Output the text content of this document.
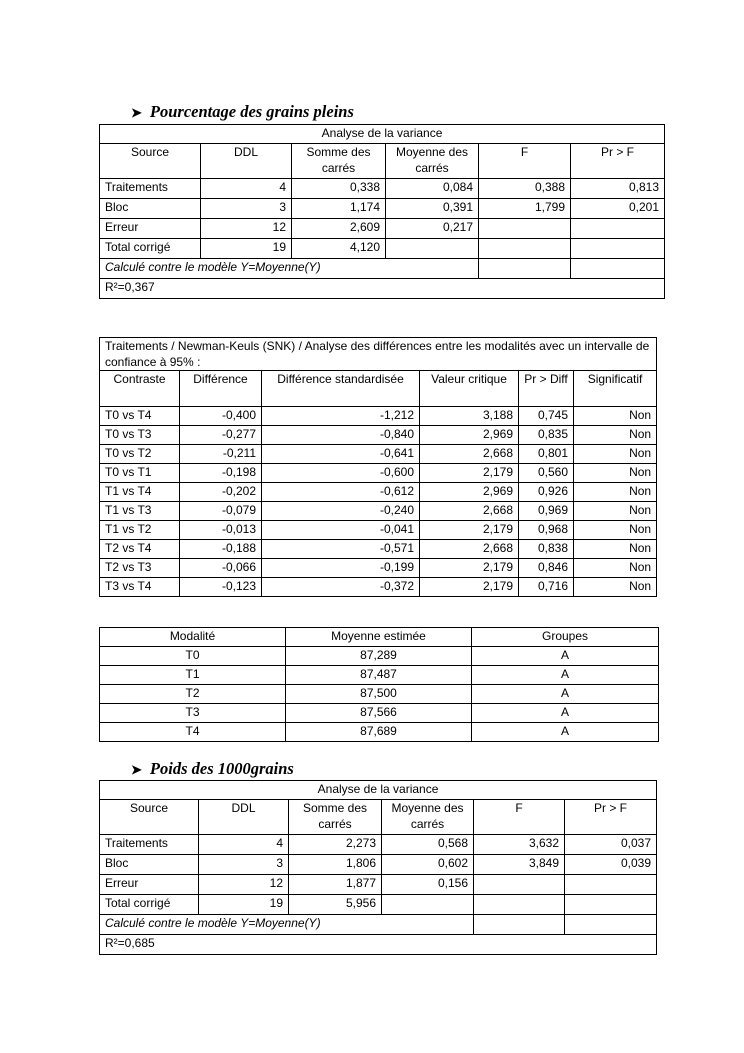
➤ Pourcentage des grains pleins
Analyse de la variance					
Source	DDL	Somme des carrés	Moyenne des carrés	F	Pr > F
Traitements	4	0,338	0,084	0,388	0,813
Bloc	3	1,174	0,391	1,799	0,201
Erreur	12	2,609	0,217		
Total corrigé	19	4,120			
Calculé contre le modèle Y=Moyenne(Y)					
R²=0,367					
Traitements / Newman-Keuls (SNK) / Analyse des différences entre les modalités avec un intervalle de confiance à 95% :					
Contraste	Différence	Différence standardisée	Valeur critique	Pr > Diff	Significatif
T0 vs T4	-0,400	-1,212	3,188	0,745	Non
T0 vs T3	-0,277	-0,840	2,969	0,835	Non
T0 vs T2	-0,211	-0,641	2,668	0,801	Non
T0 vs T1	-0,198	-0,600	2,179	0,560	Non
T1 vs T4	-0,202	-0,612	2,969	0,926	Non
T1 vs T3	-0,079	-0,240	2,668	0,969	Non
T1 vs T2	-0,013	-0,041	2,179	0,968	Non
T2 vs T4	-0,188	-0,571	2,668	0,838	Non
T2 vs T3	-0,066	-0,199	2,179	0,846	Non
T3 vs T4	-0,123	-0,372	2,179	0,716	Non
Modalité	Moyenne estimée	Groupes
T0	87,289	A
T1	87,487	A
T2	87,500	A
T3	87,566	A
T4	87,689	A
➤ Poids des 1000grains
Analyse de la variance					
Source	DDL	Somme des carrés	Moyenne des carrés	F	Pr > F
Traitements	4	2,273	0,568	3,632	0,037
Bloc	3	1,806	0,602	3,849	0,039
Erreur	12	1,877	0,156		
Total corrigé	19	5,956			
Calculé contre le modèle Y=Moyenne(Y)					
R²=0,685					
